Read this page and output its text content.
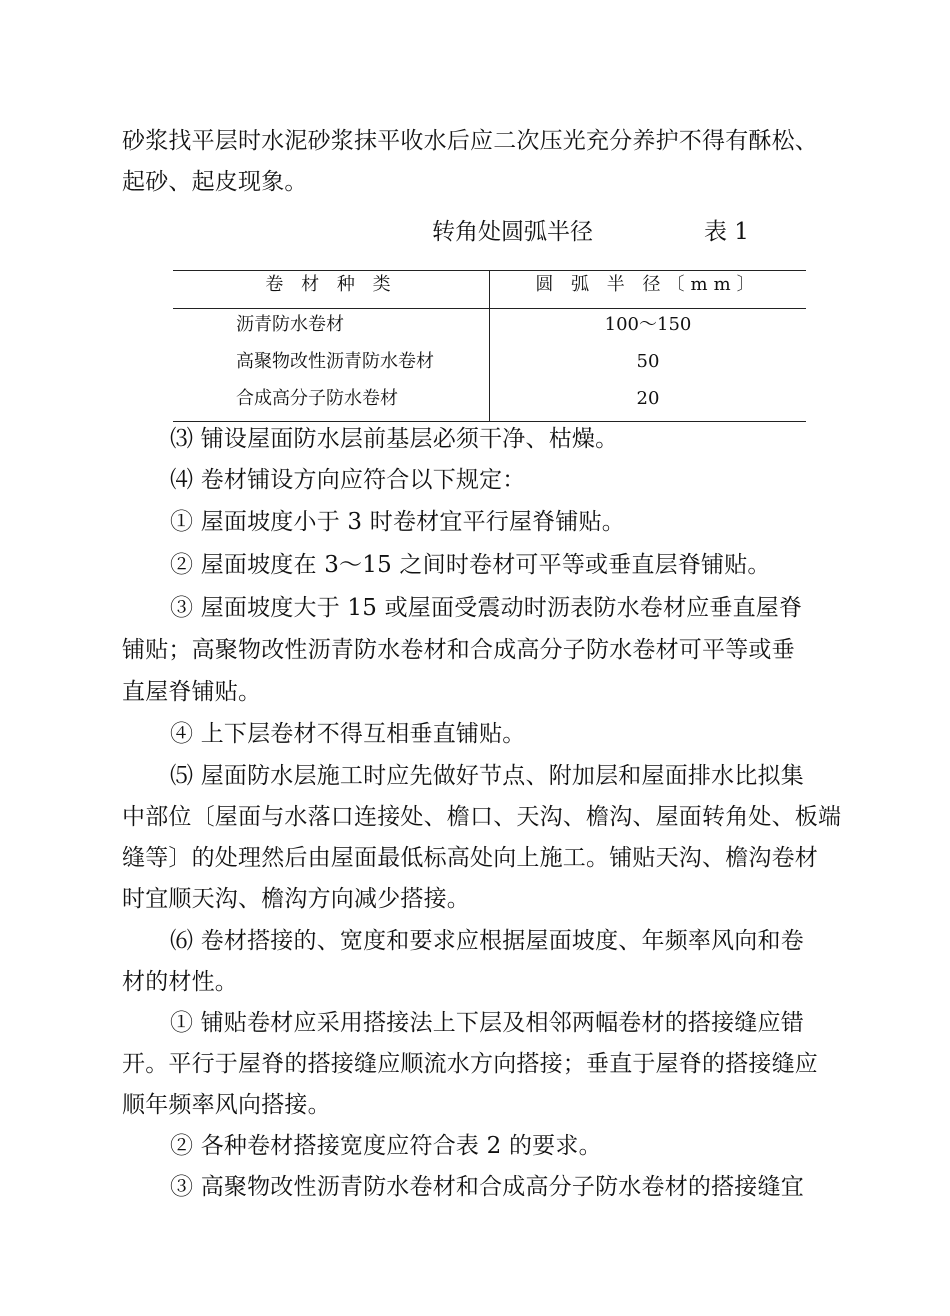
砂浆找平层时水泥砂浆抹平收水后应二次压光充分养护不得有酥松、
起砂、起皮现象。
转角处圆弧半径	表 1
卷 材 种 类	圆 弧 半 径〔mm〕
沥青防水卷材	100～150
高聚物改性沥青防水卷材	50
合成高分子防水卷材	20
⑶ 铺设屋面防水层前基层必须干净、枯燥。
⑷ 卷材铺设方向应符合以下规定：
① 屋面坡度小于 3 时卷材宜平行屋脊铺贴。
② 屋面坡度在 3～15 之间时卷材可平等或垂直层脊铺贴。
③ 屋面坡度大于 15 或屋面受震动时沥表防水卷材应垂直屋脊
铺贴；高聚物改性沥青防水卷材和合成高分子防水卷材可平等或垂
直屋脊铺贴。
④ 上下层卷材不得互相垂直铺贴。
⑸ 屋面防水层施工时应先做好节点、附加层和屋面排水比拟集
中部位〔屋面与水落口连接处、檐口、天沟、檐沟、屋面转角处、板端
缝等〕的处理然后由屋面最低标高处向上施工。铺贴天沟、檐沟卷材
时宜顺天沟、檐沟方向减少搭接。
⑹ 卷材搭接的、宽度和要求应根据屋面坡度、年频率风向和卷
材的材性。
① 铺贴卷材应采用搭接法上下层及相邻两幅卷材的搭接缝应错
开。平行于屋脊的搭接缝应顺流水方向搭接；垂直于屋脊的搭接缝应
顺年频率风向搭接。
② 各种卷材搭接宽度应符合表 2 的要求。
③ 高聚物改性沥青防水卷材和合成高分子防水卷材的搭接缝宜
